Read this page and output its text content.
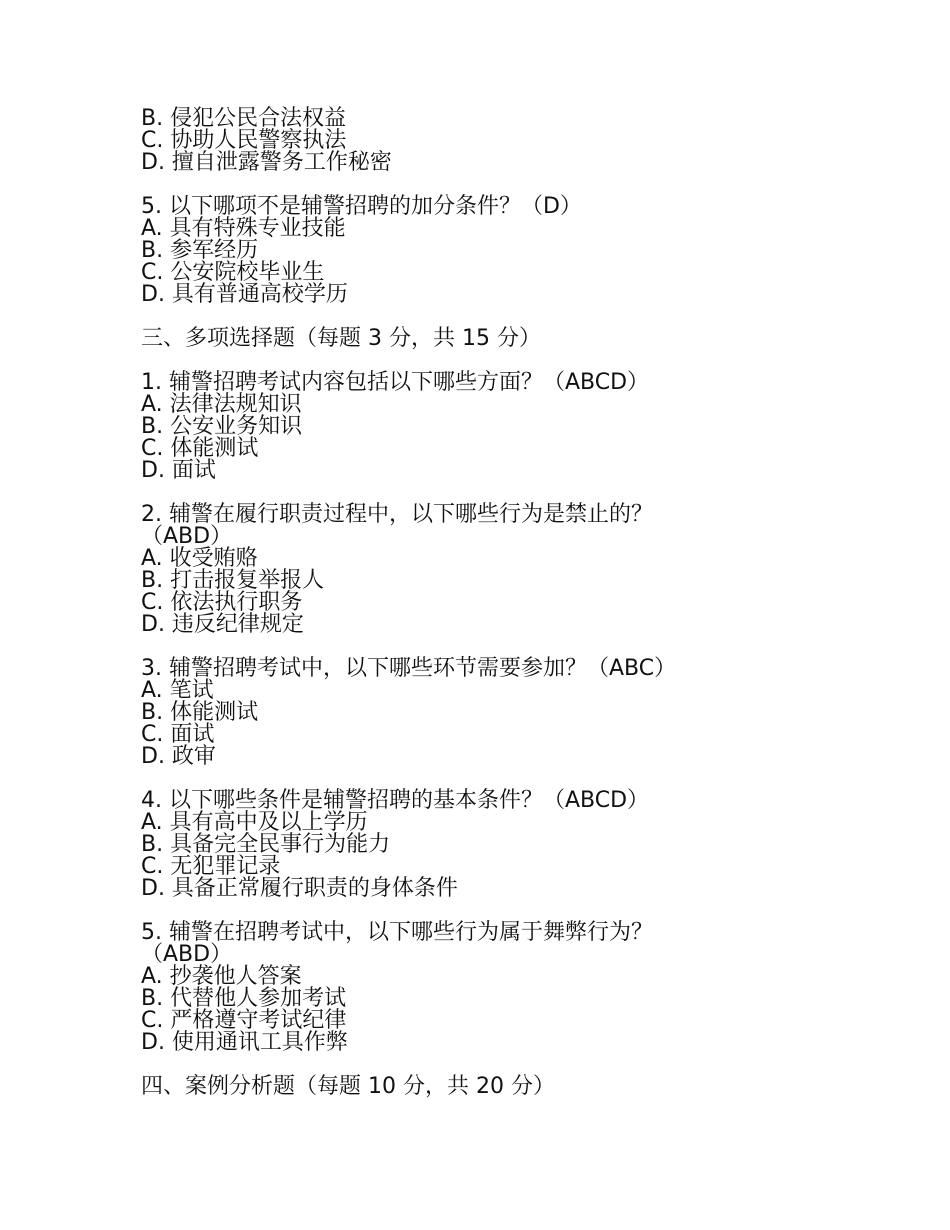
B. 侵犯公民合法权益
C. 协助人民警察执法
D. 擅自泄露警务工作秘密
5. 以下哪项不是辅警招聘的加分条件？（D）
A. 具有特殊专业技能
B. 参军经历
C. 公安院校毕业生
D. 具有普通高校学历
三、多项选择题（每题 3 分，共 15 分）
1. 辅警招聘考试内容包括以下哪些方面？（ABCD）
A. 法律法规知识
B. 公安业务知识
C. 体能测试
D. 面试
2. 辅警在履行职责过程中，以下哪些行为是禁止的？
（ABD）
A. 收受贿赂
B. 打击报复举报人
C. 依法执行职务
D. 违反纪律规定
3. 辅警招聘考试中，以下哪些环节需要参加？（ABC）
A. 笔试
B. 体能测试
C. 面试
D. 政审
4. 以下哪些条件是辅警招聘的基本条件？（ABCD）
A. 具有高中及以上学历
B. 具备完全民事行为能力
C. 无犯罪记录
D. 具备正常履行职责的身体条件
5. 辅警在招聘考试中，以下哪些行为属于舞弊行为？
（ABD）
A. 抄袭他人答案
B. 代替他人参加考试
C. 严格遵守考试纪律
D. 使用通讯工具作弊
四、案例分析题（每题 10 分，共 20 分）
